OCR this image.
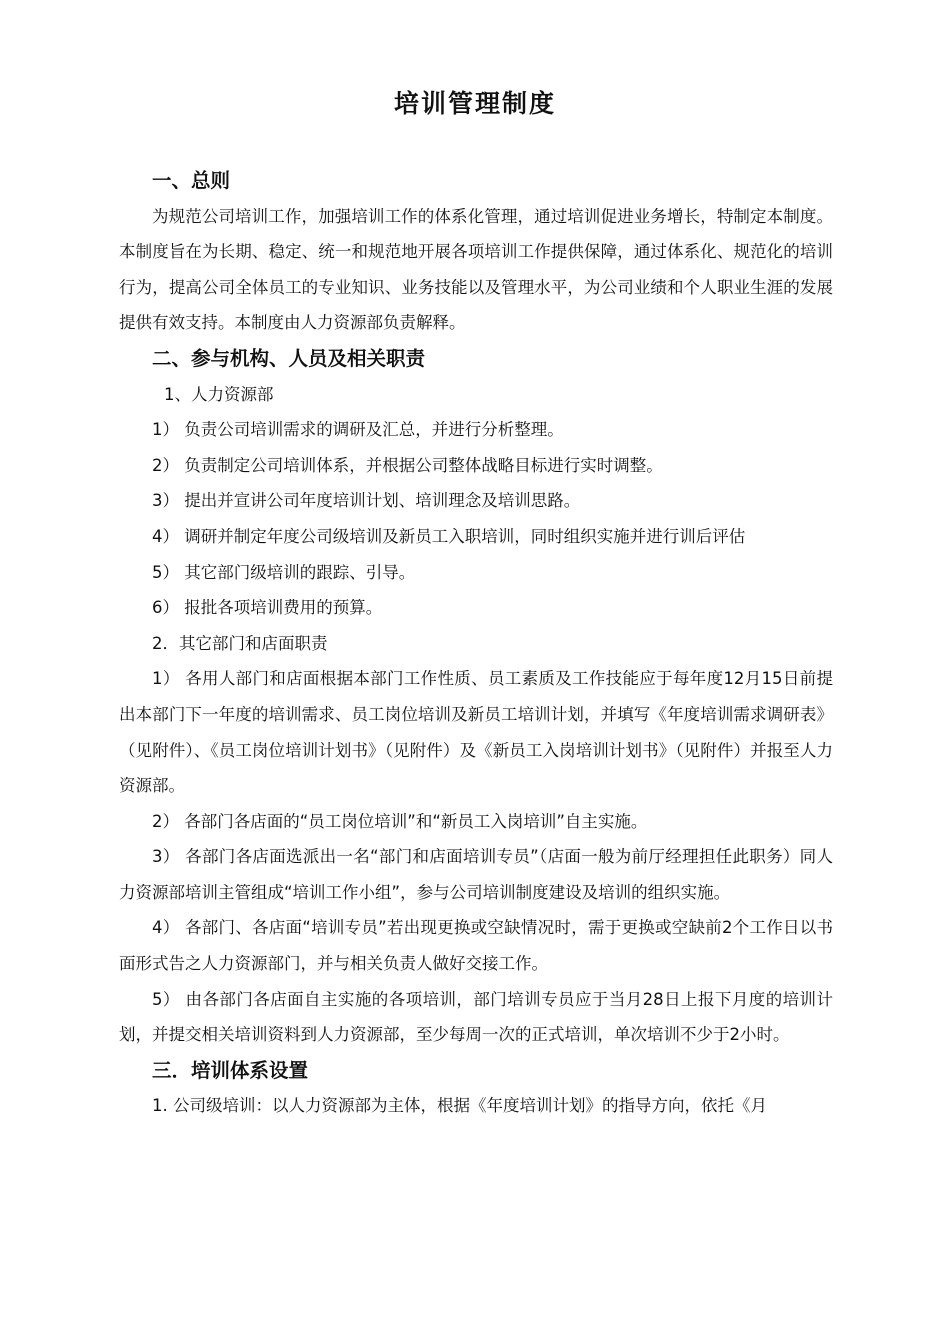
培训管理制度

一、总则

为规范公司培训工作，加强培训工作的体系化管理，通过培训促进业务增长，特制定本制度。本制度旨在为长期、稳定、统一和规范地开展各项培训工作提供保障，通过体系化、规范化的培训行为，提高公司全体员工的专业知识、业务技能以及管理水平，为公司业绩和个人职业生涯的发展提供有效支持。本制度由人力资源部负责解释。

二、参与机构、人员及相关职责

1、人力资源部

1） 负责公司培训需求的调研及汇总，并进行分析整理。

2） 负责制定公司培训体系，并根据公司整体战略目标进行实时调整。

3） 提出并宣讲公司年度培训计划、培训理念及培训思路。

4） 调研并制定年度公司级培训及新员工入职培训，同时组织实施并进行训后评估

5） 其它部门级培训的跟踪、引导。

6） 报批各项培训费用的预算。

2．其它部门和店面职责

1） 各用人部门和店面根据本部门工作性质、员工素质及工作技能应于每年度12月15日前提出本部门下一年度的培训需求、员工岗位培训及新员工培训计划，并填写《年度培训需求调研表》（见附件）、《员工岗位培训计划书》（见附件）及《新员工入岗培训计划书》（见附件）并报至人力资源部。

2） 各部门各店面的“员工岗位培训”和“新员工入岗培训”自主实施。

3） 各部门各店面选派出一名“部门和店面培训专员”（店面一般为前厅经理担任此职务）同人力资源部培训主管组成“培训工作小组”，参与公司培训制度建设及培训的组织实施。

4） 各部门、各店面“培训专员”若出现更换或空缺情况时，需于更换或空缺前2个工作日以书面形式告之人力资源部门，并与相关负责人做好交接工作。

5） 由各部门各店面自主实施的各项培训，部门培训专员应于当月28日上报下月度的培训计划，并提交相关培训资料到人力资源部，至少每周一次的正式培训，单次培训不少于2小时。

三．培训体系设置

1. 公司级培训：以人力资源部为主体，根据《年度培训计划》的指导方向，依托《月
